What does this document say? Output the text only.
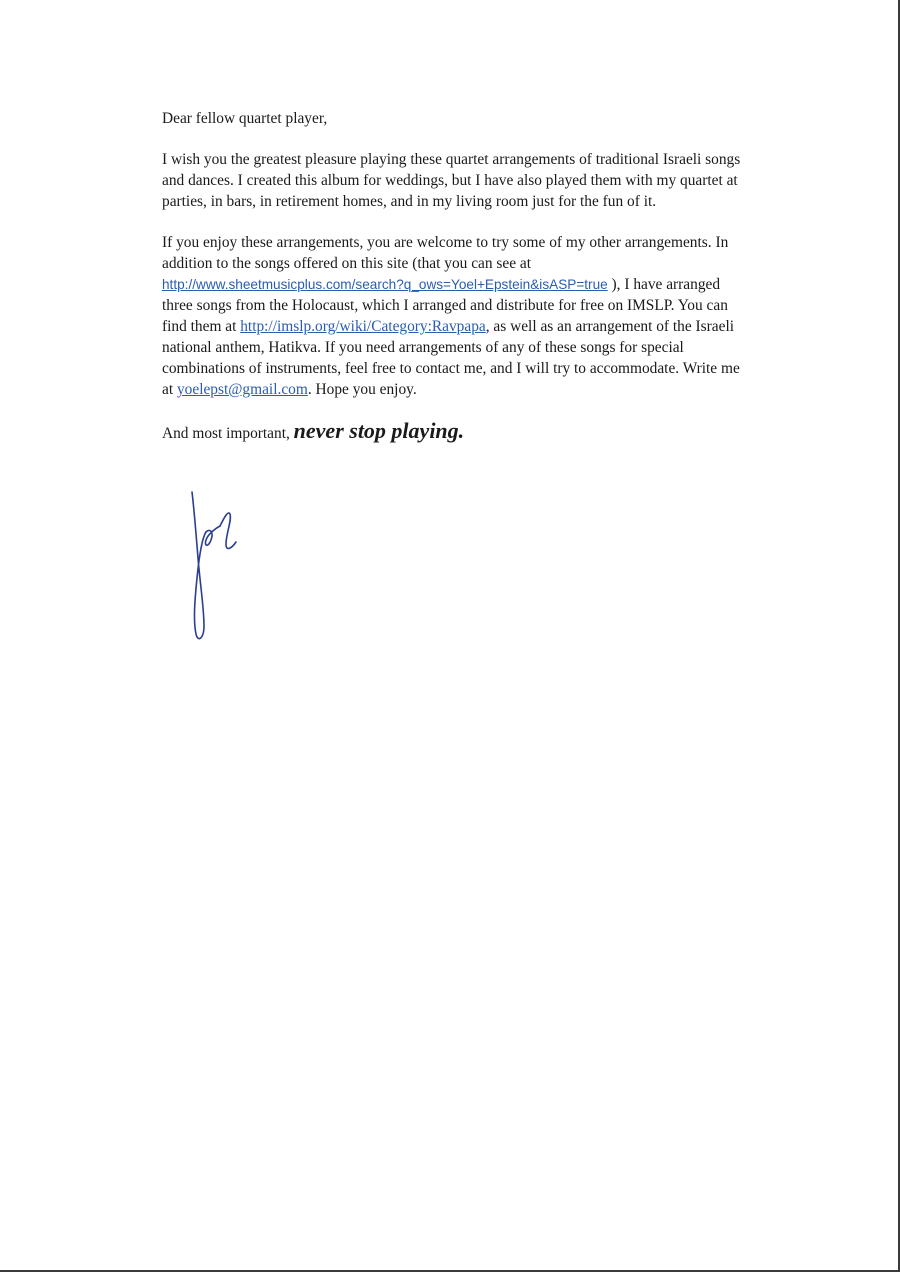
Dear fellow quartet player,

I wish you the greatest pleasure playing these quartet arrangements of traditional Israeli songs and dances. I created this album for weddings, but I have also played them with my quartet at parties, in bars, in retirement homes, and in my living room just for the fun of it.

If you enjoy these arrangements, you are welcome to try some of my other arrangements. In addition to the songs offered on this site (that you can see at http://www.sheetmusicplus.com/search?q_ows=Yoel+Epstein&isASP=true ), I have arranged three songs from the Holocaust, which I arranged and distribute for free on IMSLP. You can find them at http://imslp.org/wiki/Category:Ravpapa, as well as an arrangement of the Israeli national anthem, Hatikva. If you need arrangements of any of these songs for special combinations of instruments, feel free to contact me, and I will try to accommodate. Write me at yoelepst@gmail.com. Hope you enjoy.

And most important, never stop playing.
